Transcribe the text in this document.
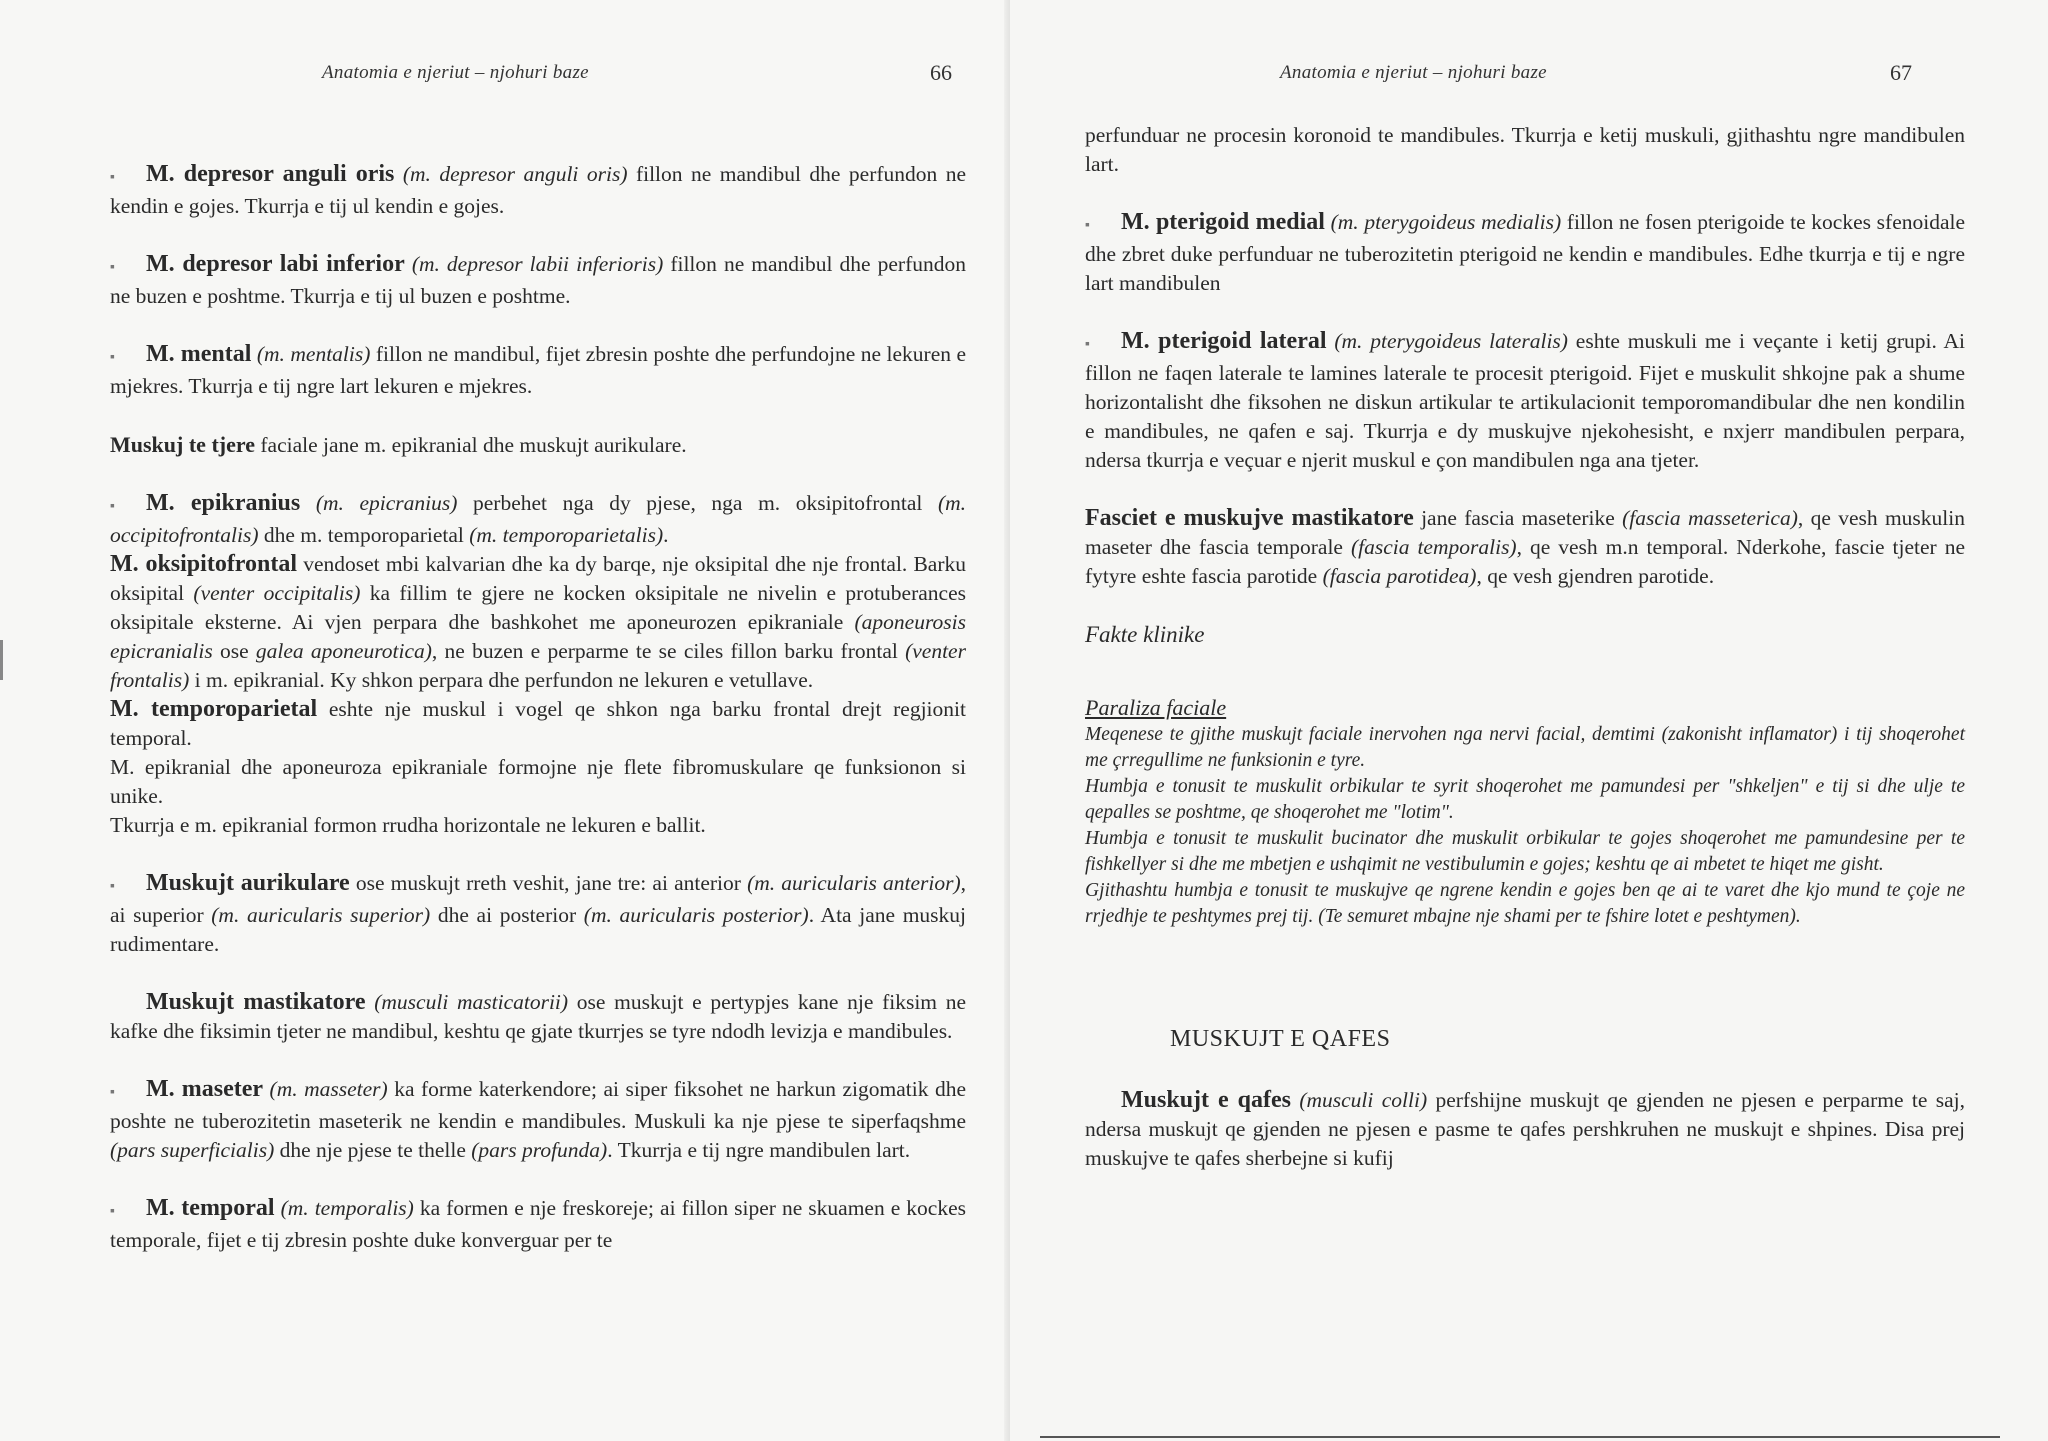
Anatomia e njeriut – njohuri baze	66

▪ M. depresor anguli oris (m. depresor anguli oris) fillon ne mandibul dhe perfundon ne kendin e gojes. Tkurrja e tij ul kendin e gojes.

▪ M. depresor labi inferior (m. depresor labii inferioris) fillon ne mandibul dhe perfundon ne buzen e poshtme. Tkurrja e tij ul buzen e poshtme.

▪ M. mental (m. mentalis) fillon ne mandibul, fijet zbresin poshte dhe perfundojne ne lekuren e mjekres. Tkurrja e tij ngre lart lekuren e mjekres.

Muskuj te tjere faciale jane m. epikranial dhe muskujt aurikulare.

▪ M. epikranius (m. epicranius) perbehet nga dy pjese, nga m. oksipitofrontal (m. occipitofrontalis) dhe m. temporoparietal (m. temporoparietalis).

M. oksipitofrontal vendoset mbi kalvarian dhe ka dy barqe, nje oksipital dhe nje frontal. Barku oksipital (venter occipitalis) ka fillim te gjere ne kocken oksipitale ne nivelin e protuberances oksipitale eksterne. Ai vjen perpara dhe bashkohet me aponeurozen epikraniale (aponeurosis epicranialis ose galea aponeurotica), ne buzen e perparme te se ciles fillon barku frontal (venter frontalis) i m. epikranial. Ky shkon perpara dhe perfundon ne lekuren e vetullave.

M. temporoparietal eshte nje muskul i vogel qe shkon nga barku frontal drejt regjionit temporal.

M. epikranial dhe aponeuroza epikraniale formojne nje flete fibromuskulare qe funksionon si unike.

Tkurrja e m. epikranial formon rrudha horizontale ne lekuren e ballit.

▪ Muskujt aurikulare ose muskujt rreth veshit, jane tre: ai anterior (m. auricularis anterior), ai superior (m. auricularis superior) dhe ai posterior (m. auricularis posterior). Ata jane muskuj rudimentare.

Muskujt mastikatore (musculi masticatorii) ose muskujt e pertypjes kane nje fiksim ne kafke dhe fiksimin tjeter ne mandibul, keshtu qe gjate tkurrjes se tyre ndodh levizja e mandibules.

▪ M. maseter (m. masseter) ka forme katerkendore; ai siper fiksohet ne harkun zigomatik dhe poshte ne tuberozitetin maseterik ne kendin e mandibules. Muskuli ka nje pjese te siperfaqshme (pars superficialis) dhe nje pjese te thelle (pars profunda). Tkurrja e tij ngre mandibulen lart.

▪ M. temporal (m. temporalis) ka formen e nje freskoreje; ai fillon siper ne skuamen e kockes temporale, fijet e tij zbresin poshte duke konverguar per te

Anatomia e njeriut – njohuri baze	67

perfunduar ne procesin koronoid te mandibules. Tkurrja e ketij muskuli, gjithashtu ngre mandibulen lart.

▪ M. pterigoid medial (m. pterygoideus medialis) fillon ne fosen pterigoide te kockes sfenoidale dhe zbret duke perfunduar ne tuberozitetin pterigoid ne kendin e mandibules. Edhe tkurrja e tij e ngre lart mandibulen

▪ M. pterigoid lateral (m. pterygoideus lateralis) eshte muskuli me i veçante i ketij grupi. Ai fillon ne faqen laterale te lamines laterale te procesit pterigoid. Fijet e muskulit shkojne pak a shume horizontalisht dhe fiksohen ne diskun artikular te artikulacionit temporomandibular dhe nen kondilin e mandibules, ne qafen e saj. Tkurrja e dy muskujve njekohesisht, e nxjerr mandibulen perpara, ndersa tkurrja e veçuar e njerit muskul e çon mandibulen nga ana tjeter.

Fasciet e muskujve mastikatore jane fascia maseterike (fascia masseterica), qe vesh muskulin maseter dhe fascia temporale (fascia temporalis), qe vesh m.n temporal. Nderkohe, fascie tjeter ne fytyre eshte fascia parotide (fascia parotidea), qe vesh gjendren parotide.

Fakte klinike

Paraliza faciale

Meqenese te gjithe muskujt faciale inervohen nga nervi facial, demtimi (zakonisht inflamator) i tij shoqerohet me çrregullime ne funksionin e tyre.

Humbja e tonusit te muskulit orbikular te syrit shoqerohet me pamundesi per "shkeljen" e tij si dhe ulje te qepalles se poshtme, qe shoqerohet me "lotim".

Humbja e tonusit te muskulit bucinator dhe muskulit orbikular te gojes shoqerohet me pamundesine per te fishkellyer si dhe me mbetjen e ushqimit ne vestibulumin e gojes; keshtu qe ai mbetet te hiqet me gisht.

Gjithashtu humbja e tonusit te muskujve qe ngrene kendin e gojes ben qe ai te varet dhe kjo mund te çoje ne rrjedhje te peshtymes prej tij. (Te semuret mbajne nje shami per te fshire lotet e peshtymen).

MUSKUJT E QAFES

Muskujt e qafes (musculi colli) perfshijne muskujt qe gjenden ne pjesen e perparme te saj, ndersa muskujt qe gjenden ne pjesen e pasme te qafes pershkruhen ne muskujt e shpines. Disa prej muskujve te qafes sherbejne si kufij
